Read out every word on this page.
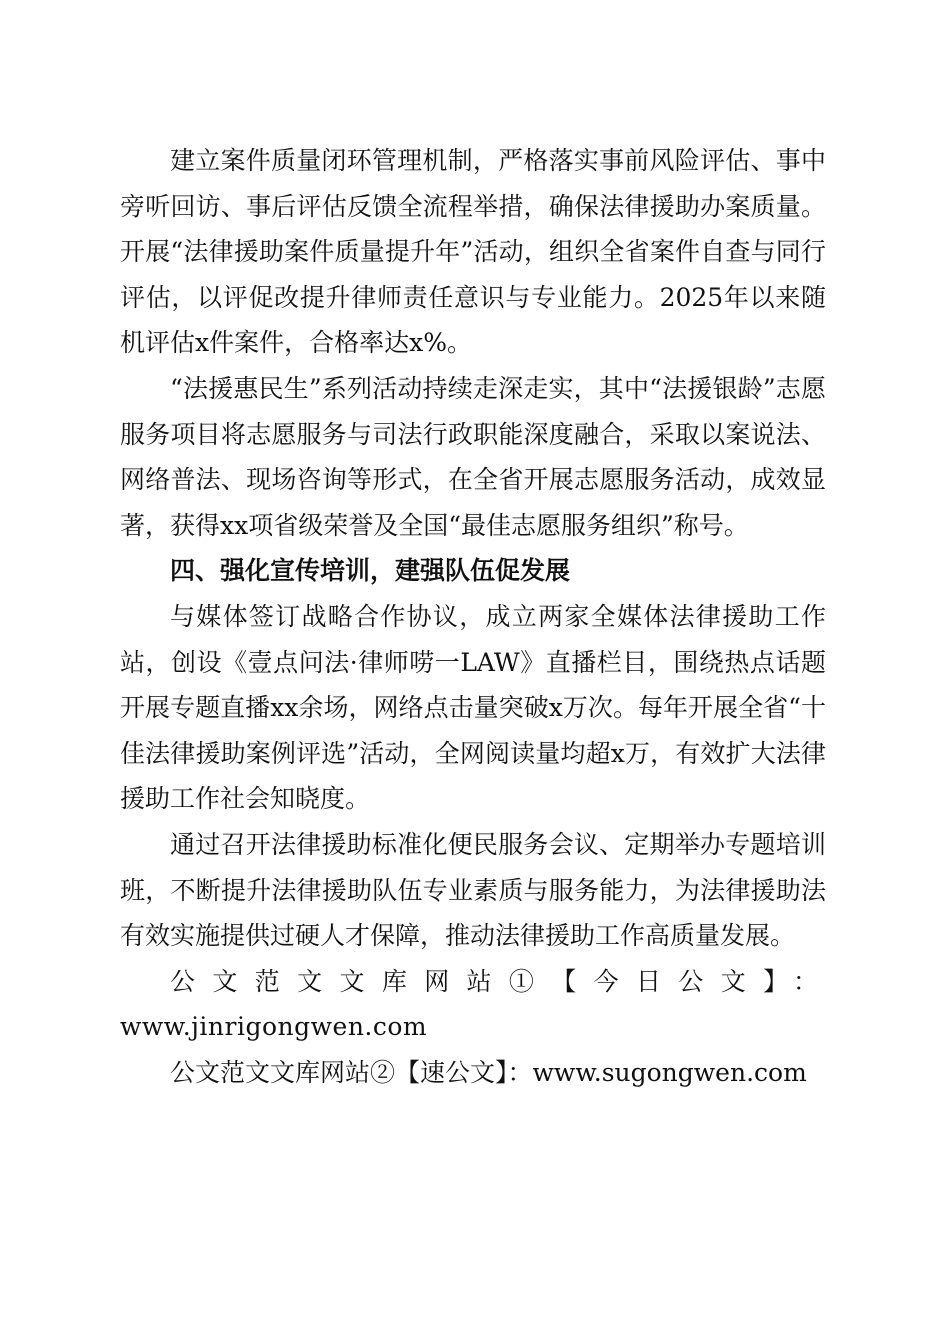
建立案件质量闭环管理机制，严格落实事前风险评估、事中旁听回访、事后评估反馈全流程举措，确保法律援助办案质量。开展“法律援助案件质量提升年”活动，组织全省案件自查与同行评估，以评促改提升律师责任意识与专业能力。2025年以来随机评估x件案件，合格率达x%。

“法援惠民生”系列活动持续走深走实，其中“法援银龄”志愿服务项目将志愿服务与司法行政职能深度融合，采取以案说法、网络普法、现场咨询等形式，在全省开展志愿服务活动，成效显著，获得xx项省级荣誉及全国“最佳志愿服务组织”称号。

四、强化宣传培训，建强队伍促发展

与媒体签订战略合作协议，成立两家全媒体法律援助工作站，创设《壹点问法·律师唠一LAW》直播栏目，围绕热点话题开展专题直播xx余场，网络点击量突破x万次。每年开展全省“十佳法律援助案例评选”活动，全网阅读量均超x万，有效扩大法律援助工作社会知晓度。

通过召开法律援助标准化便民服务会议、定期举办专题培训班，不断提升法律援助队伍专业素质与服务能力，为法律援助法有效实施提供过硬人才保障，推动法律援助工作高质量发展。

公文范文文库网站①【今日公文】：

www.jinrigongwen.com

公文范文文库网站②【速公文】：www.sugongwen.com
